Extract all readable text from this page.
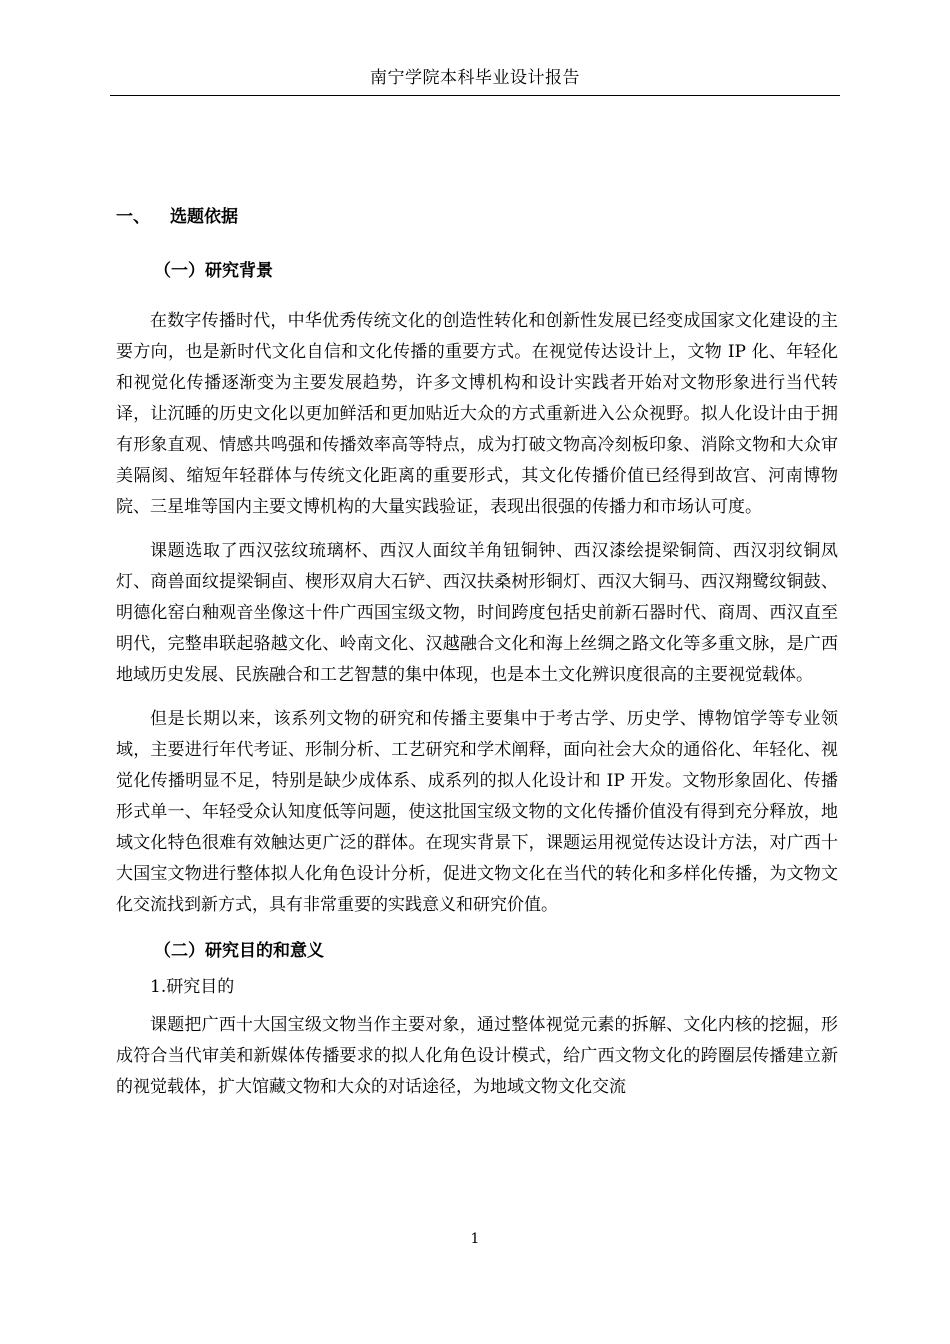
南宁学院本科毕业设计报告
一、	选题依据
（一）研究背景

在数字传播时代，中华优秀传统文化的创造性转化和创新性发展已经变成国家文化建设的主要方向，也是新时代文化自信和文化传播的重要方式。在视觉传达设计上，文物 IP 化、年轻化和视觉化传播逐渐变为主要发展趋势，许多文博机构和设计实践者开始对文物形象进行当代转译，让沉睡的历史文化以更加鲜活和更加贴近大众的方式重新进入公众视野。拟人化设计由于拥有形象直观、情感共鸣强和传播效率高等特点，成为打破文物高冷刻板印象、消除文物和大众审美隔阂、缩短年轻群体与传统文化距离的重要形式，其文化传播价值已经得到故宫、河南博物院、三星堆等国内主要文博机构的大量实践验证，表现出很强的传播力和市场认可度。

课题选取了西汉弦纹琉璃杯、西汉人面纹羊角钮铜钟、西汉漆绘提梁铜筒、西汉羽纹铜凤灯、商兽面纹提梁铜卣、楔形双肩大石铲、西汉扶桑树形铜灯、西汉大铜马、西汉翔鹭纹铜鼓、明德化窑白釉观音坐像这十件广西国宝级文物，时间跨度包括史前新石器时代、商周、西汉直至明代，完整串联起骆越文化、岭南文化、汉越融合文化和海上丝绸之路文化等多重文脉，是广西地域历史发展、民族融合和工艺智慧的集中体现，也是本土文化辨识度很高的主要视觉载体。

但是长期以来，该系列文物的研究和传播主要集中于考古学、历史学、博物馆学等专业领域，主要进行年代考证、形制分析、工艺研究和学术阐释，面向社会大众的通俗化、年轻化、视觉化传播明显不足，特别是缺少成体系、成系列的拟人化设计和 IP 开发。文物形象固化、传播形式单一、年轻受众认知度低等问题，使这批国宝级文物的文化传播价值没有得到充分释放，地域文化特色很难有效触达更广泛的群体。在现实背景下，课题运用视觉传达设计方法，对广西十大国宝文物进行整体拟人化角色设计分析，促进文物文化在当代的转化和多样化传播，为文物文化交流找到新方式，具有非常重要的实践意义和研究价值。

（二）研究目的和意义
1.研究目的

课题把广西十大国宝级文物当作主要对象，通过整体视觉元素的拆解、文化内核的挖掘，形成符合当代审美和新媒体传播要求的拟人化角色设计模式，给广西文物文化的跨圈层传播建立新的视觉载体，扩大馆藏文物和大众的对话途径，为地域文物文化交流

1
